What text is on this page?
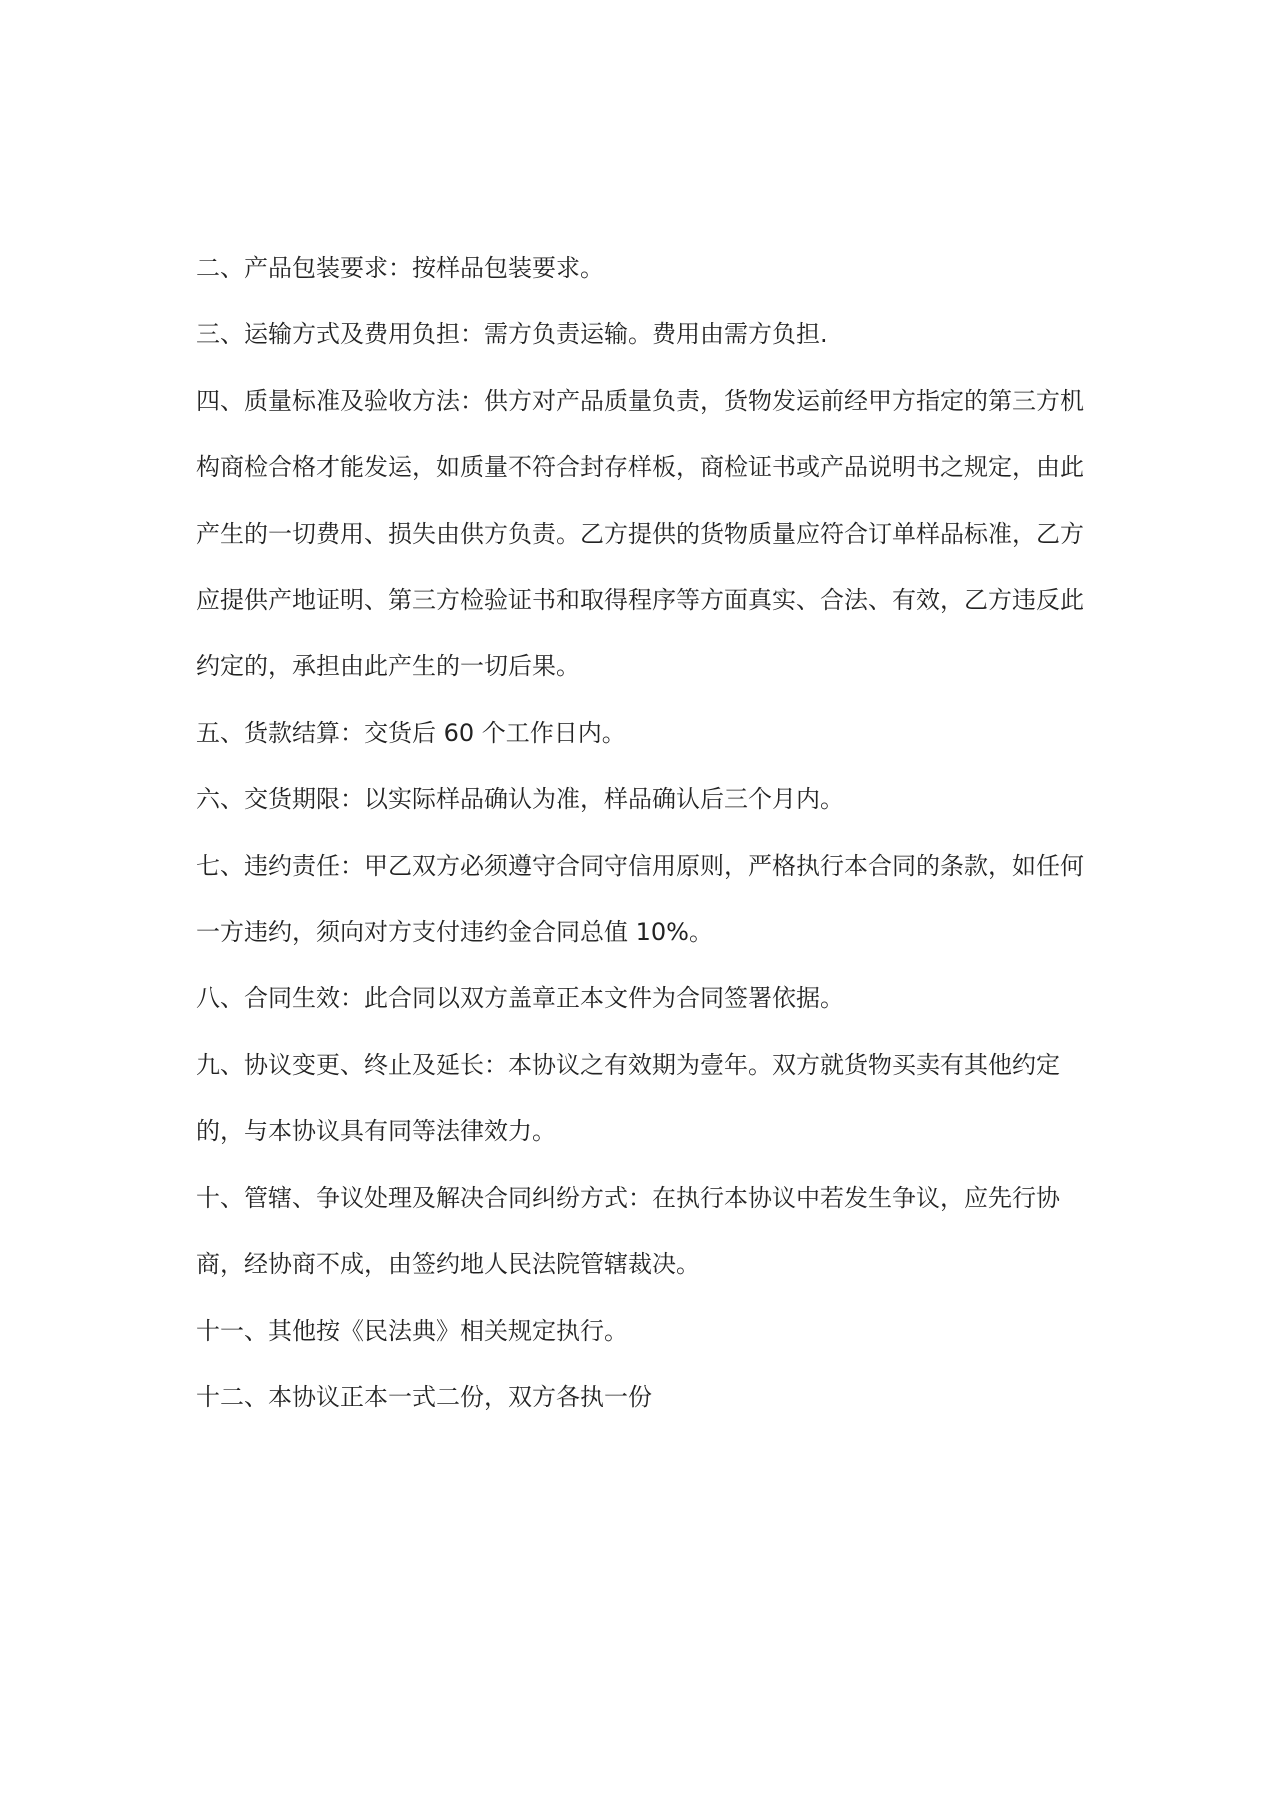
二、产品包装要求：按样品包装要求。
三、运输方式及费用负担：需方负责运输。费用由需方负担.
四、质量标准及验收方法：供方对产品质量负责，货物发运前经甲方指定的第三方机构商检合格才能发运，如质量不符合封存样板，商检证书或产品说明书之规定，由此产生的一切费用、损失由供方负责。乙方提供的货物质量应符合订单样品标准，乙方应提供产地证明、第三方检验证书和取得程序等方面真实、合法、有效，乙方违反此约定的，承担由此产生的一切后果。
五、货款结算：交货后 60 个工作日内。
六、交货期限：以实际样品确认为准，样品确认后三个月内。
七、违约责任：甲乙双方必须遵守合同守信用原则，严格执行本合同的条款，如任何一方违约，须向对方支付违约金合同总值 10%。
八、合同生效：此合同以双方盖章正本文件为合同签署依据。
九、协议变更、终止及延长：本协议之有效期为壹年。双方就货物买卖有其他约定的，与本协议具有同等法律效力。
十、管辖、争议处理及解决合同纠纷方式：在执行本协议中若发生争议，应先行协商，经协商不成，由签约地人民法院管辖裁决。
十一、其他按《民法典》相关规定执行。
十二、本协议正本一式二份，双方各执一份
